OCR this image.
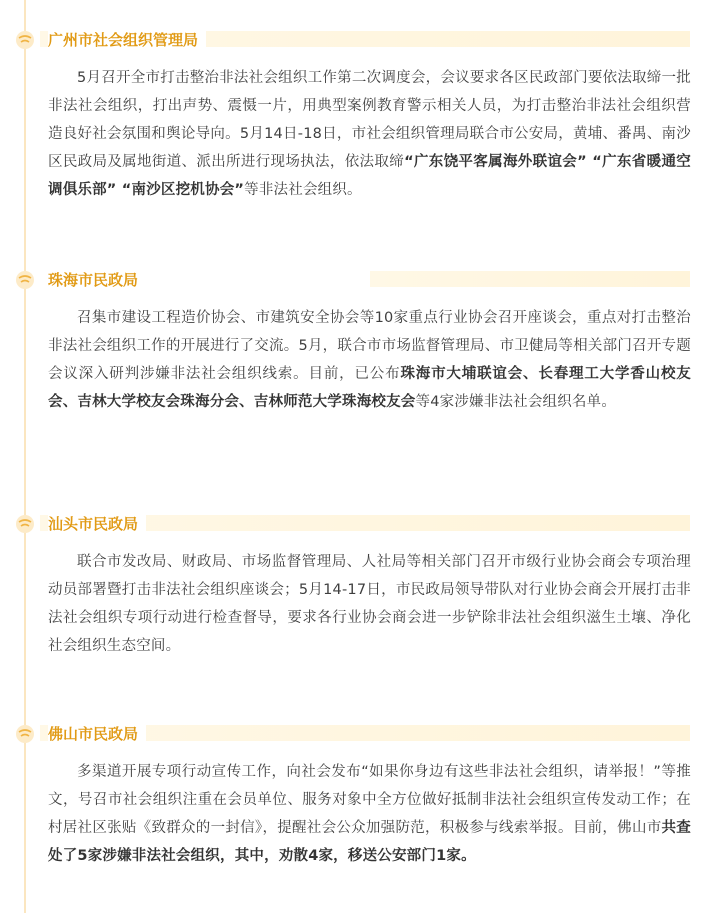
广州市社会组织管理局
5月召开全市打击整治非法社会组织工作第二次调度会，会议要求各区民政部门要依法取缔一批非法社会组织，打出声势、震慑一片，用典型案例教育警示相关人员，为打击整治非法社会组织营造良好社会氛围和舆论导向。5月14日-18日，市社会组织管理局联合市公安局，黄埔、番禺、南沙区民政局及属地街道、派出所进行现场执法，依法取缔“广东饶平客属海外联谊会” “广东省暖通空调俱乐部” “南沙区挖机协会”等非法社会组织。
珠海市民政局
召集市建设工程造价协会、市建筑安全协会等10家重点行业协会召开座谈会，重点对打击整治非法社会组织工作的开展进行了交流。5月，联合市市场监督管理局、市卫健局等相关部门召开专题会议深入研判涉嫌非法社会组织线索。目前，已公布珠海市大埔联谊会、长春理工大学香山校友会、吉林大学校友会珠海分会、吉林师范大学珠海校友会等4家涉嫌非法社会组织名单。
汕头市民政局
联合市发改局、财政局、市场监督管理局、人社局等相关部门召开市级行业协会商会专项治理动员部署暨打击非法社会组织座谈会；5月14-17日，市民政局领导带队对行业协会商会开展打击非法社会组织专项行动进行检查督导，要求各行业协会商会进一步铲除非法社会组织滋生土壤、净化社会组织生态空间。
佛山市民政局
多渠道开展专项行动宣传工作，向社会发布“如果你身边有这些非法社会组织，请举报！”等推文，号召市社会组织注重在会员单位、服务对象中全方位做好抵制非法社会组织宣传发动工作；在村居社区张贴《致群众的一封信》，提醒社会公众加强防范，积极参与线索举报。目前，佛山市共查处了5家涉嫌非法社会组织，其中，劝散4家，移送公安部门1家。
